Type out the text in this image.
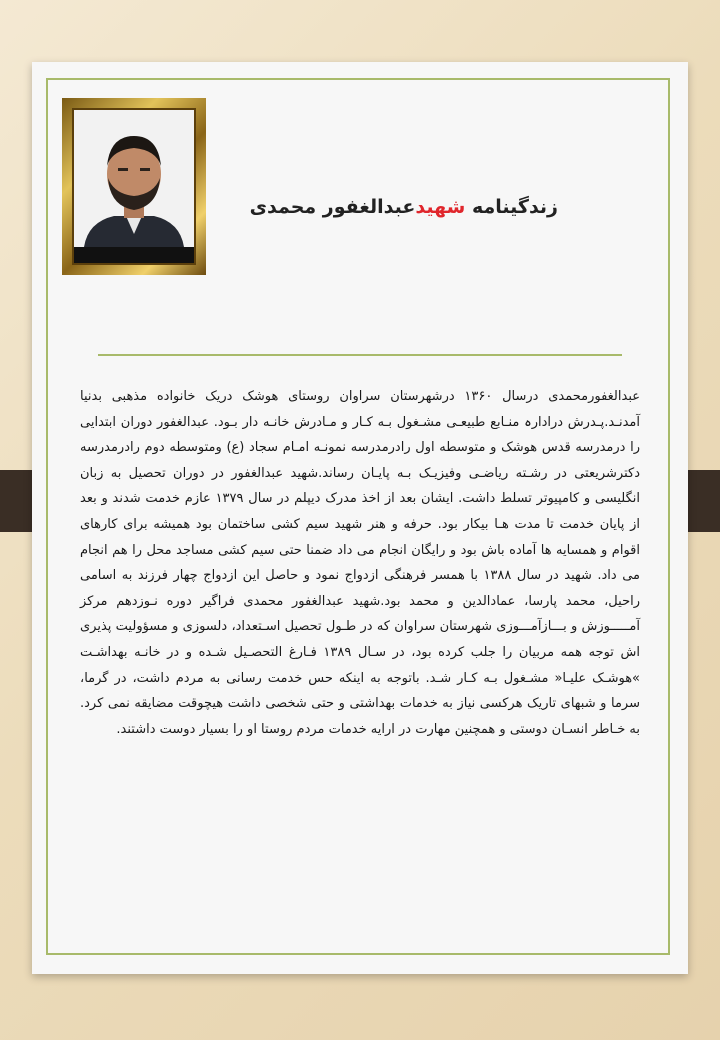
زندگینامه شهیدعبدالغفور محمدی

عبدالغفورمحمدی درسال ۱۳۶۰ درشهرستان سراوان روستای هوشک دریک خانواده مذهبی بدنیا آمدنـد.پـدرش درادارہ منـابع طبیعـی مشـغول بـه کـار و مـادرش خانـه دار بـود. عبدالغفور دوران ابتدایی را درمدرسه قدس هوشک و متوسطه اول رادرمدرسه نمونـه امـام سجاد (ع) ومتوسطه دوم رادرمدرسه دکترشریعتی در رشـته ریاضـی وفیزیـک بـه پایـان رساند.شهید عبدالغفور در دوران تحصیل به زبان انگلیسی و کامپیوتر تسلط داشت. ایشان بعد از اخذ مدرک دیپلم در سال ۱۳۷۹ عازم خدمت شدند و بعد از پایان خدمت تا مدت هـا بیکار بود. حرفه و هنر شهید سیم کشی ساختمان بود همیشه برای کارهای اقوام و همسایه ها آماده باش بود و رایگان انجام می داد ضمنا حتی سیم کشی مساجد محل را هم انجام می داد. شهید در سال ۱۳۸۸ با همسر فرهنگی ازدواج نمود و حاصل این ازدواج چهار فرزند به اسامی راحیل، محمد پارسا، عمادالدین و محمد بود.شهید عبدالغفور محمدی فراگیر دوره نـوزدهم مرکز آمـــــوزش و بـــازآمـــوزی شهرستان سراوان که در طـول تحصیل اسـتعداد، دلسوزی و مسؤولیت پذیری اش توجه همه مربیان را جلب کرده بود، در سـال ۱۳۸۹ فـارغ التحصـیل شـده و در خانـه بهداشـت »هوشـک علیـا« مشـغول بـه کـار شـد. باتوجه به اینکه حس خدمت رسانی به مردم داشت، در گرما، سرما و شبهای تاریک هرکسی نیاز به خدمات بهداشتی و حتی شخصی داشت هیچوقت مضایقه نمی کرد. به خـاطر انسـان دوستی و همچنین مهارت در ارایه خدمات مردم روستا او را بسیار دوست داشتند.
